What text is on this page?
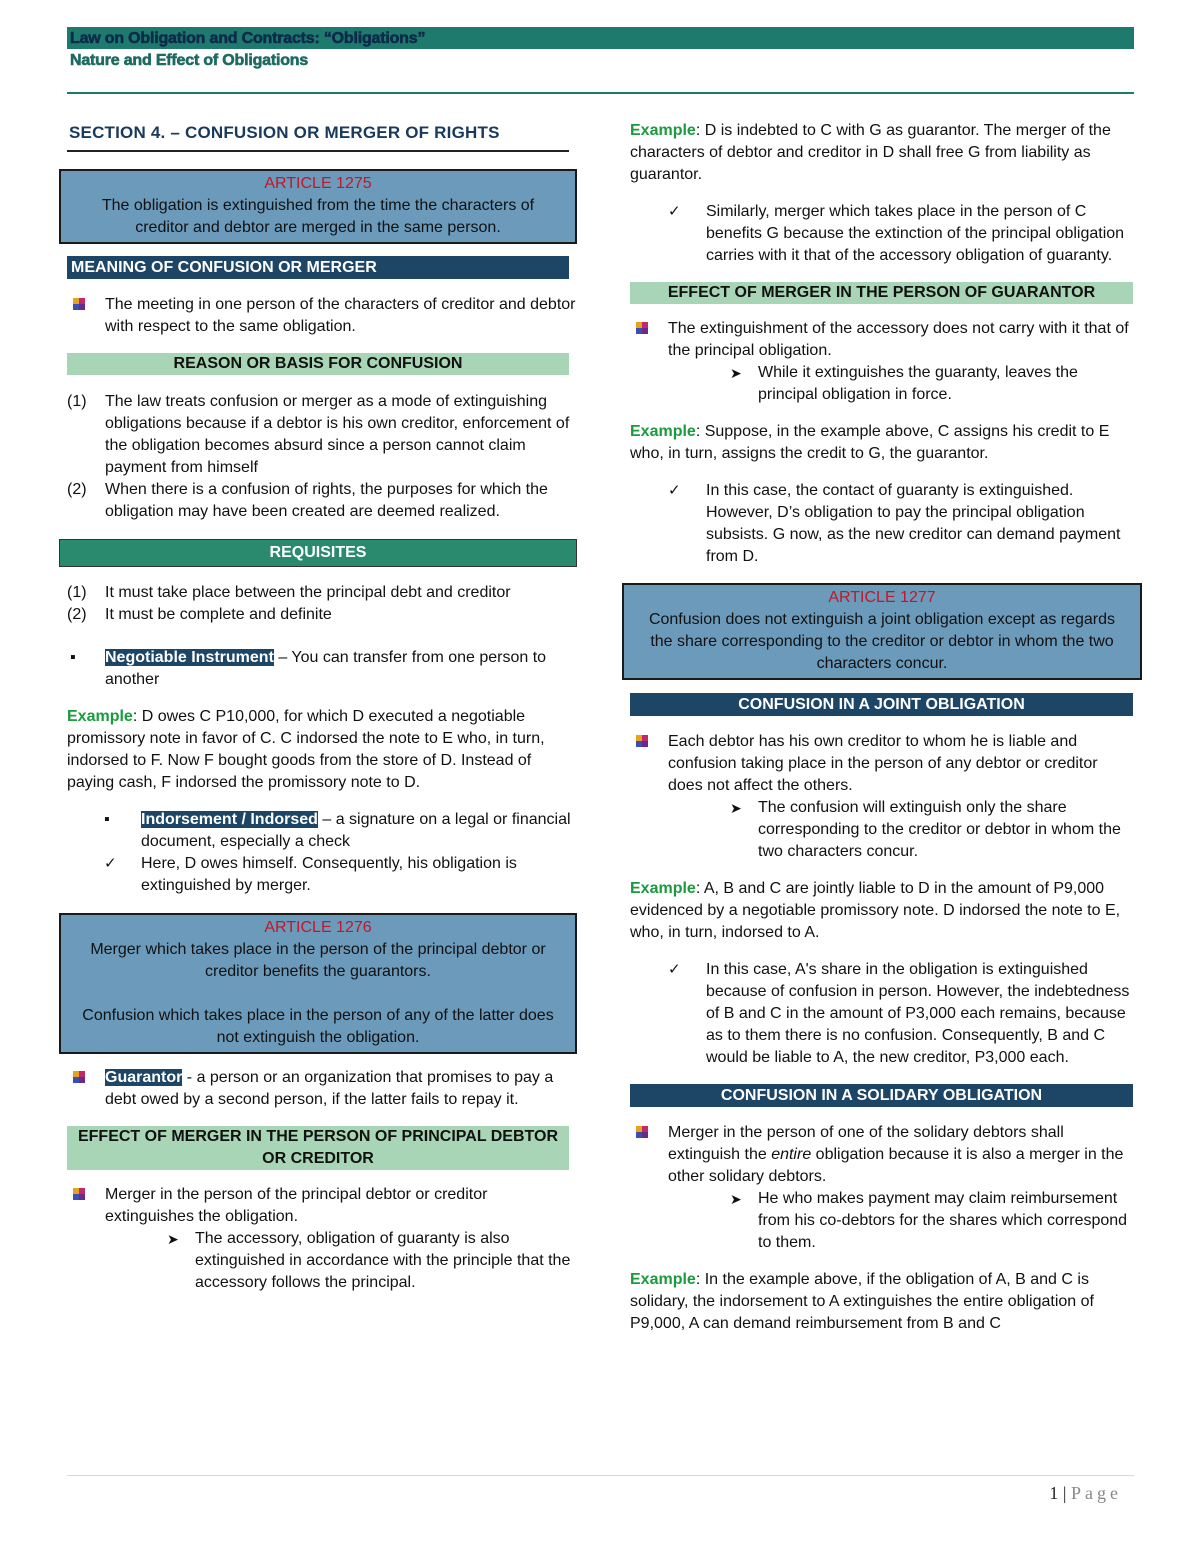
Law on Obligation and Contracts: “Obligations”
Nature and Effect of Obligations
SECTION 4. – CONFUSION OR MERGER OF RIGHTS
ARTICLE 1275
The obligation is extinguished from the time the characters of creditor and debtor are merged in the same person.
MEANING OF CONFUSION OR MERGER
The meeting in one person of the characters of creditor and debtor with respect to the same obligation.
REASON OR BASIS FOR CONFUSION
(1)	The law treats confusion or merger as a mode of extinguishing obligations because if a debtor is his own creditor, enforcement of the obligation becomes absurd since a person cannot claim payment from himself
(2)	When there is a confusion of rights, the purposes for which the obligation may have been created are deemed realized.
REQUISITES
(1)	It must take place between the principal debt and creditor
(2)	It must be complete and definite
▪	Negotiable Instrument – You can transfer from one person to another
Example: D owes C P10,000, for which D executed a negotiable promissory note in favor of C. C indorsed the note to E who, in turn, indorsed to F. Now F bought goods from the store of D. Instead of paying cash, F indorsed the promissory note to D.
▪	Indorsement / Indorsed – a signature on a legal or financial document, especially a check
✓	Here, D owes himself. Consequently, his obligation is extinguished by merger.
ARTICLE 1276
Merger which takes place in the person of the principal debtor or creditor benefits the guarantors.
Confusion which takes place in the person of any of the latter does not extinguish the obligation.
Guarantor - a person or an organization that promises to pay a debt owed by a second person, if the latter fails to repay it.
EFFECT OF MERGER IN THE PERSON OF PRINCIPAL DEBTOR OR CREDITOR
Merger in the person of the principal debtor or creditor extinguishes the obligation.
➤	The accessory, obligation of guaranty is also extinguished in accordance with the principle that the accessory follows the principal.
Example: D is indebted to C with G as guarantor. The merger of the characters of debtor and creditor in D shall free G from liability as guarantor.
✓	Similarly, merger which takes place in the person of C benefits G because the extinction of the principal obligation carries with it that of the accessory obligation of guaranty.
EFFECT OF MERGER IN THE PERSON OF GUARANTOR
The extinguishment of the accessory does not carry with it that of the principal obligation.
➤	While it extinguishes the guaranty, leaves the principal obligation in force.
Example: Suppose, in the example above, C assigns his credit to E who, in turn, assigns the credit to G, the guarantor.
✓	In this case, the contact of guaranty is extinguished. However, D’s obligation to pay the principal obligation subsists. G now, as the new creditor can demand payment from D.
ARTICLE 1277
Confusion does not extinguish a joint obligation except as regards the share corresponding to the creditor or debtor in whom the two characters concur.
CONFUSION IN A JOINT OBLIGATION
Each debtor has his own creditor to whom he is liable and confusion taking place in the person of any debtor or creditor does not affect the others.
➤	The confusion will extinguish only the share corresponding to the creditor or debtor in whom the two characters concur.
Example: A, B and C are jointly liable to D in the amount of P9,000 evidenced by a negotiable promissory note. D indorsed the note to E, who, in turn, indorsed to A.
✓	In this case, A's share in the obligation is extinguished because of confusion in person. However, the indebtedness of B and C in the amount of P3,000 each remains, because as to them there is no confusion. Consequently, B and C would be liable to A, the new creditor, P3,000 each.
CONFUSION IN A SOLIDARY OBLIGATION
Merger in the person of one of the solidary debtors shall extinguish the entire obligation because it is also a merger in the other solidary debtors.
➤	He who makes payment may claim reimbursement from his co-debtors for the shares which correspond to them.
Example: In the example above, if the obligation of A, B and C is solidary, the indorsement to A extinguishes the entire obligation of P9,000, A can demand reimbursement from B and C
1 | Page
